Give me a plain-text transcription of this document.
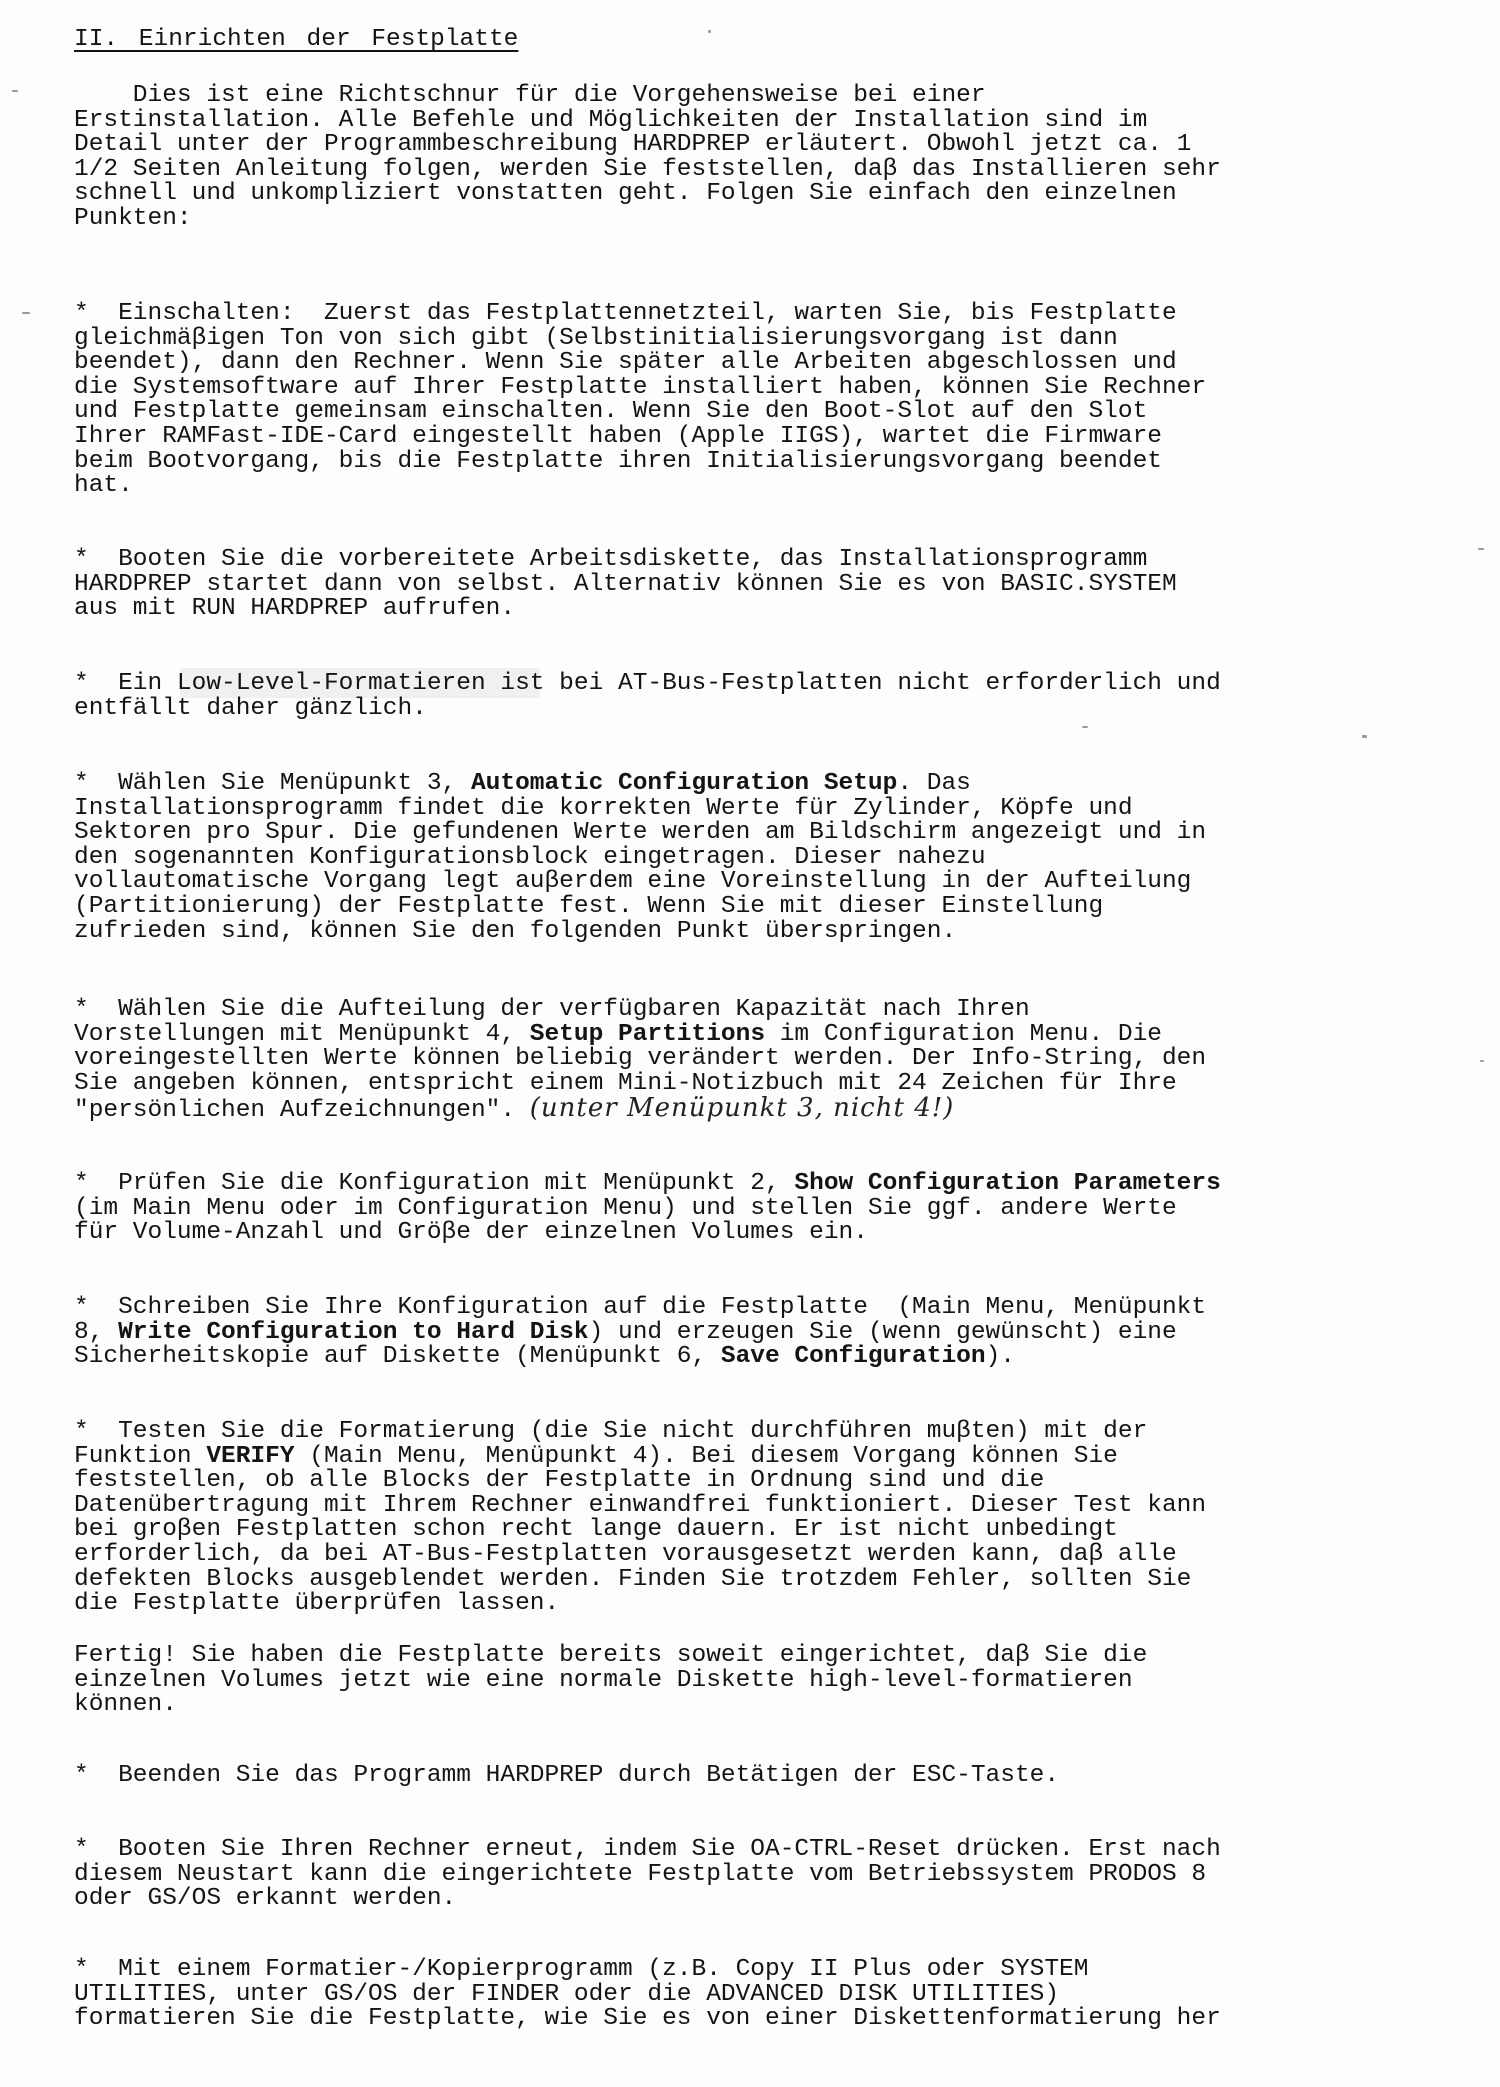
II. Einrichten der Festplatte
Dies ist eine Richtschnur für die Vorgehensweise bei einer
Erstinstallation. Alle Befehle und Möglichkeiten der Installation sind im
Detail unter der Programmbeschreibung HARDPREP erläutert. Obwohl jetzt ca. 1
1/2 Seiten Anleitung folgen, werden Sie feststellen, daβ das Installieren sehr
schnell und unkompliziert vonstatten geht. Folgen Sie einfach den einzelnen
Punkten:
*  Einschalten:  Zuerst das Festplattennetzteil, warten Sie, bis Festplatte
gleichmäβigen Ton von sich gibt (Selbstinitialisierungsvorgang ist dann
beendet), dann den Rechner. Wenn Sie später alle Arbeiten abgeschlossen und
die Systemsoftware auf Ihrer Festplatte installiert haben, können Sie Rechner
und Festplatte gemeinsam einschalten. Wenn Sie den Boot-Slot auf den Slot
Ihrer RAMFast-IDE-Card eingestellt haben (Apple IIGS), wartet die Firmware
beim Bootvorgang, bis die Festplatte ihren Initialisierungsvorgang beendet
hat.
*  Booten Sie die vorbereitete Arbeitsdiskette, das Installationsprogramm
HARDPREP startet dann von selbst. Alternativ können Sie es von BASIC.SYSTEM
aus mit RUN HARDPREP aufrufen.
*  Ein Low-Level-Formatieren ist bei AT-Bus-Festplatten nicht erforderlich und
entfällt daher gänzlich.
*  Wählen Sie Menüpunkt 3, Automatic Configuration Setup. Das
Installationsprogramm findet die korrekten Werte für Zylinder, Köpfe und
Sektoren pro Spur. Die gefundenen Werte werden am Bildschirm angezeigt und in
den sogenannten Konfigurationsblock eingetragen. Dieser nahezu
vollautomatische Vorgang legt auβerdem eine Voreinstellung in der Aufteilung
(Partitionierung) der Festplatte fest. Wenn Sie mit dieser Einstellung
zufrieden sind, können Sie den folgenden Punkt überspringen.
*  Wählen Sie die Aufteilung der verfügbaren Kapazität nach Ihren
Vorstellungen mit Menüpunkt 4, Setup Partitions im Configuration Menu. Die
voreingestellten Werte können beliebig verändert werden. Der Info-String, den
Sie angeben können, entspricht einem Mini-Notizbuch mit 24 Zeichen für Ihre
"persönlichen Aufzeichnungen". (unter Menüpunkt 3, nicht 4!)
*  Prüfen Sie die Konfiguration mit Menüpunkt 2, Show Configuration Parameters
(im Main Menu oder im Configuration Menu) und stellen Sie ggf. andere Werte
für Volume-Anzahl und Gröβe der einzelnen Volumes ein.
*  Schreiben Sie Ihre Konfiguration auf die Festplatte  (Main Menu, Menüpunkt
8, Write Configuration to Hard Disk) und erzeugen Sie (wenn gewünscht) eine
Sicherheitskopie auf Diskette (Menüpunkt 6, Save Configuration).
*  Testen Sie die Formatierung (die Sie nicht durchführen muβten) mit der
Funktion VERIFY (Main Menu, Menüpunkt 4). Bei diesem Vorgang können Sie
feststellen, ob alle Blocks der Festplatte in Ordnung sind und die
Datenübertragung mit Ihrem Rechner einwandfrei funktioniert. Dieser Test kann
bei groβen Festplatten schon recht lange dauern. Er ist nicht unbedingt
erforderlich, da bei AT-Bus-Festplatten vorausgesetzt werden kann, daβ alle
defekten Blocks ausgeblendet werden. Finden Sie trotzdem Fehler, sollten Sie
die Festplatte überprüfen lassen.
Fertig! Sie haben die Festplatte bereits soweit eingerichtet, daβ Sie die
einzelnen Volumes jetzt wie eine normale Diskette high-level-formatieren
können.
*  Beenden Sie das Programm HARDPREP durch Betätigen der ESC-Taste.
*  Booten Sie Ihren Rechner erneut, indem Sie OA-CTRL-Reset drücken. Erst nach
diesem Neustart kann die eingerichtete Festplatte vom Betriebssystem PRODOS 8
oder GS/OS erkannt werden.
*  Mit einem Formatier-/Kopierprogramm (z.B. Copy II Plus oder SYSTEM
UTILITIES, unter GS/OS der FINDER oder die ADVANCED DISK UTILITIES)
formatieren Sie die Festplatte, wie Sie es von einer Diskettenformatierung her
